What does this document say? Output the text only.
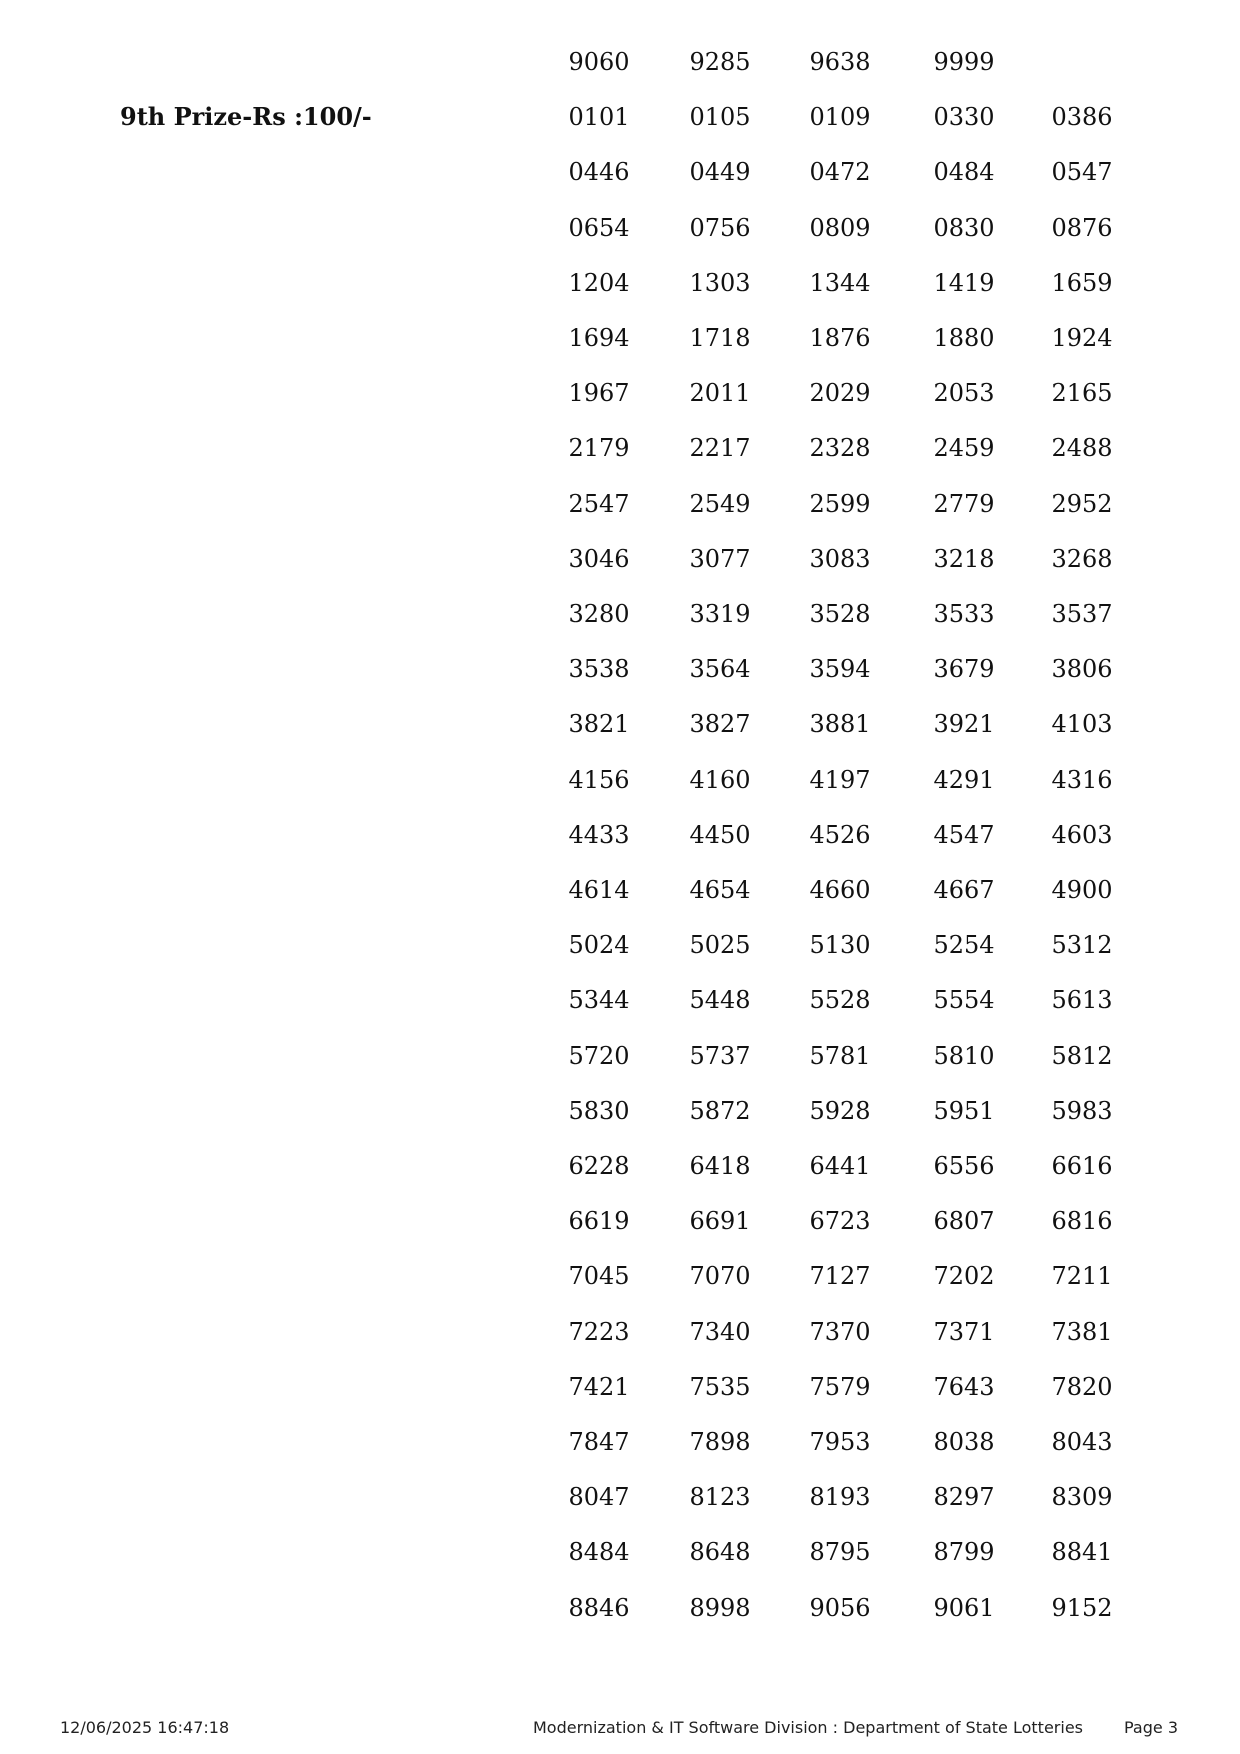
9th Prize-Rs :100/-
9060	9285	9638	9999
0101	0105	0109	0330	0386
0446	0449	0472	0484	0547
0654	0756	0809	0830	0876
1204	1303	1344	1419	1659
1694	1718	1876	1880	1924
1967	2011	2029	2053	2165
2179	2217	2328	2459	2488
2547	2549	2599	2779	2952
3046	3077	3083	3218	3268
3280	3319	3528	3533	3537
3538	3564	3594	3679	3806
3821	3827	3881	3921	4103
4156	4160	4197	4291	4316
4433	4450	4526	4547	4603
4614	4654	4660	4667	4900
5024	5025	5130	5254	5312
5344	5448	5528	5554	5613
5720	5737	5781	5810	5812
5830	5872	5928	5951	5983
6228	6418	6441	6556	6616
6619	6691	6723	6807	6816
7045	7070	7127	7202	7211
7223	7340	7370	7371	7381
7421	7535	7579	7643	7820
7847	7898	7953	8038	8043
8047	8123	8193	8297	8309
8484	8648	8795	8799	8841
8846	8998	9056	9061	9152
12/06/2025 16:47:18	Modernization & IT Software Division : Department of State Lotteries	Page 3
